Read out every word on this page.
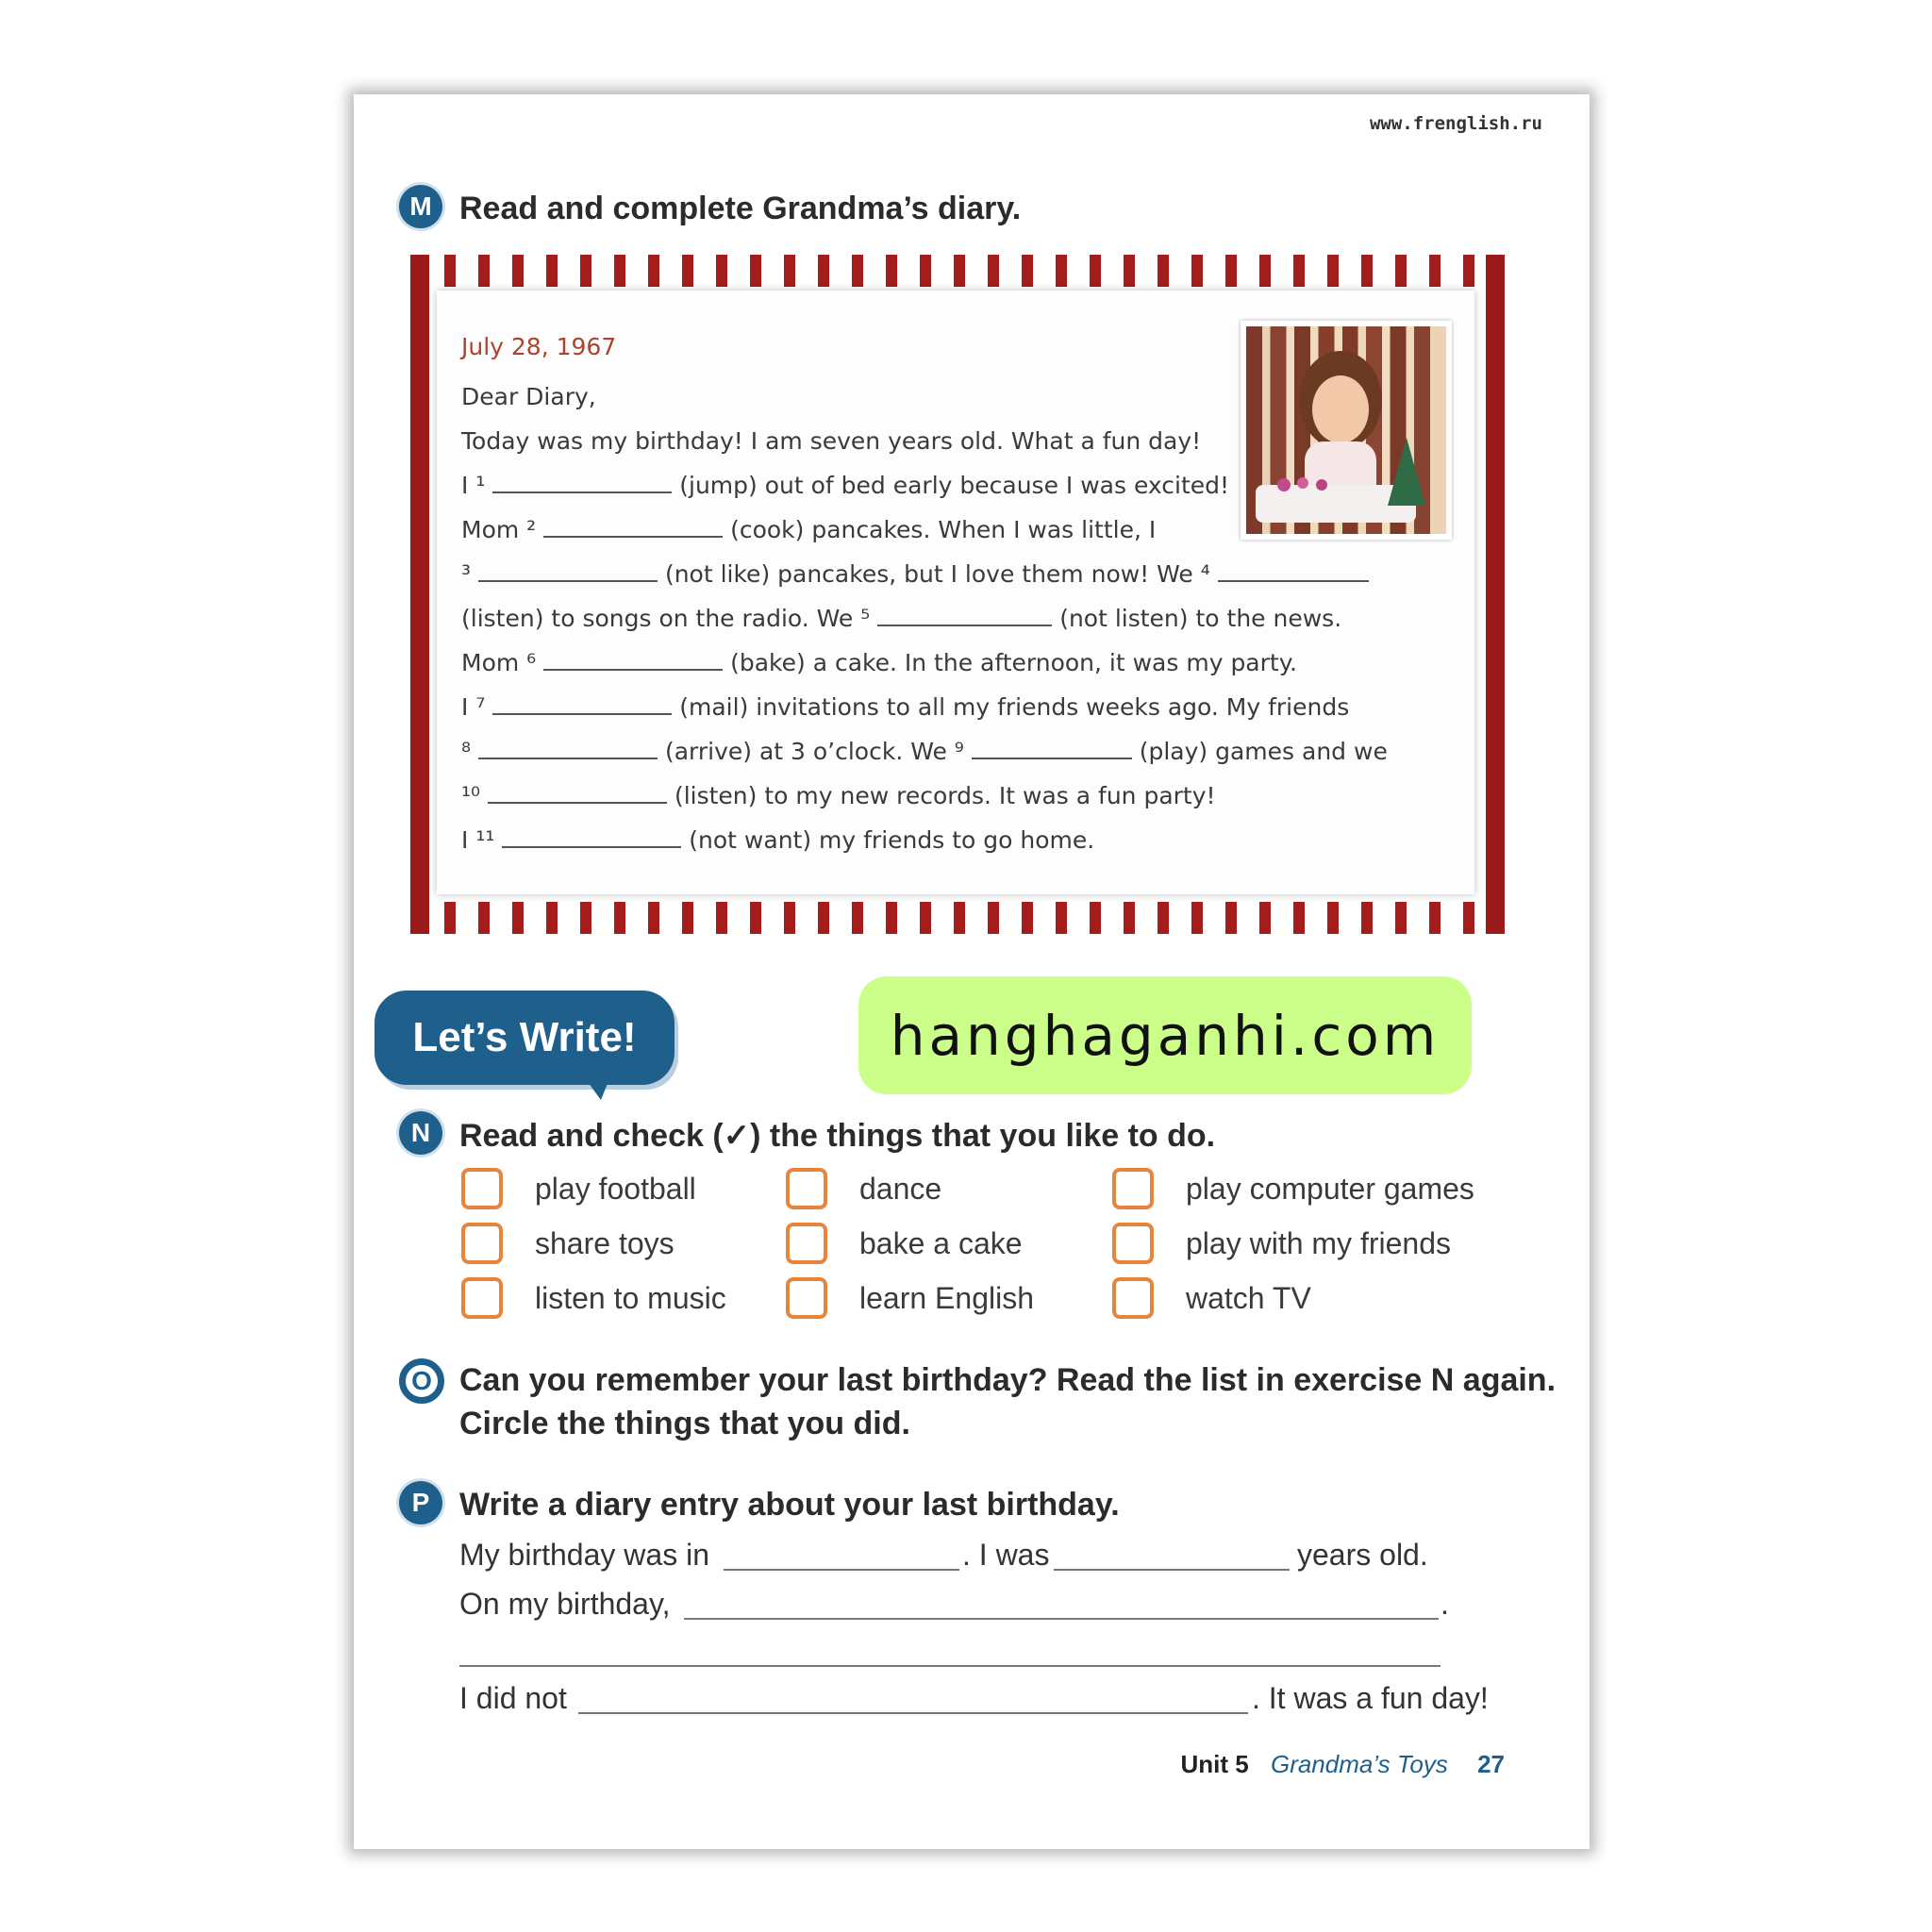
www.frenglish.ru
M Read and complete Grandma’s diary.
July 28, 1967
Dear Diary,
Today was my birthday! I am seven years old. What a fun day!
I ¹	(jump) out of bed early because I was excited!
Mom ²	(cook) pancakes. When I was little, I
³	(not like) pancakes, but I love them now! We ⁴
(listen) to songs on the radio. We ⁵	(not listen) to the news.
Mom ⁶	(bake) a cake. In the afternoon, it was my party.
I ⁷	(mail) invitations to all my friends weeks ago. My friends
⁸	(arrive) at 3 o’clock. We ⁹	(play) games and we
¹⁰	(listen) to my new records. It was a fun party!
I ¹¹	(not want) my friends to go home.
Let’s Write!	hanghaganhi.com
N Read and check (✓) the things that you like to do.
play football	dance	play computer games
share toys	bake a cake	play with my friends
listen to music	learn English	watch TV
O Can you remember your last birthday? Read the list in exercise N again.
Circle the things that you did.
P Write a diary entry about your last birthday.
My birthday was in	. I was	years old.
On my birthday,	.
I did not	. It was a fun day!
Unit 5 Grandma’s Toys 27
